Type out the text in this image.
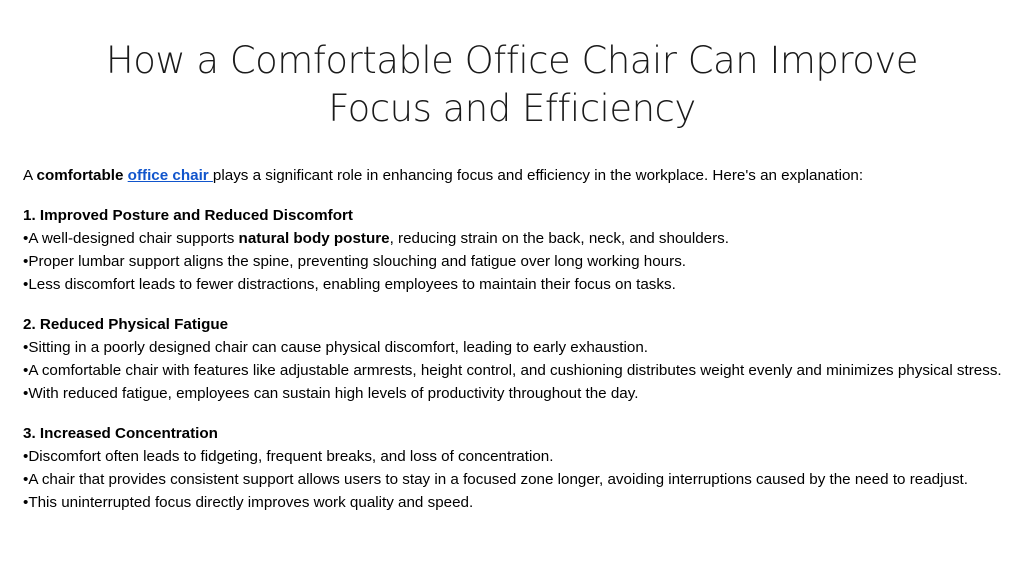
How a Comfortable Office Chair Can Improve
Focus and Efficiency

A comfortable office chair plays a significant role in enhancing focus and efficiency in the workplace. Here's an explanation:

1. Improved Posture and Reduced Discomfort

•A well-designed chair supports natural body posture, reducing strain on the back, neck, and shoulders.

•Proper lumbar support aligns the spine, preventing slouching and fatigue over long working hours.

•Less discomfort leads to fewer distractions, enabling employees to maintain their focus on tasks.

2. Reduced Physical Fatigue

•Sitting in a poorly designed chair can cause physical discomfort, leading to early exhaustion.

•A comfortable chair with features like adjustable armrests, height control, and cushioning distributes weight evenly and minimizes physical stress.

•With reduced fatigue, employees can sustain high levels of productivity throughout the day.

3. Increased Concentration

•Discomfort often leads to fidgeting, frequent breaks, and loss of concentration.

•A chair that provides consistent support allows users to stay in a focused zone longer, avoiding interruptions caused by the need to readjust.

•This uninterrupted focus directly improves work quality and speed.
